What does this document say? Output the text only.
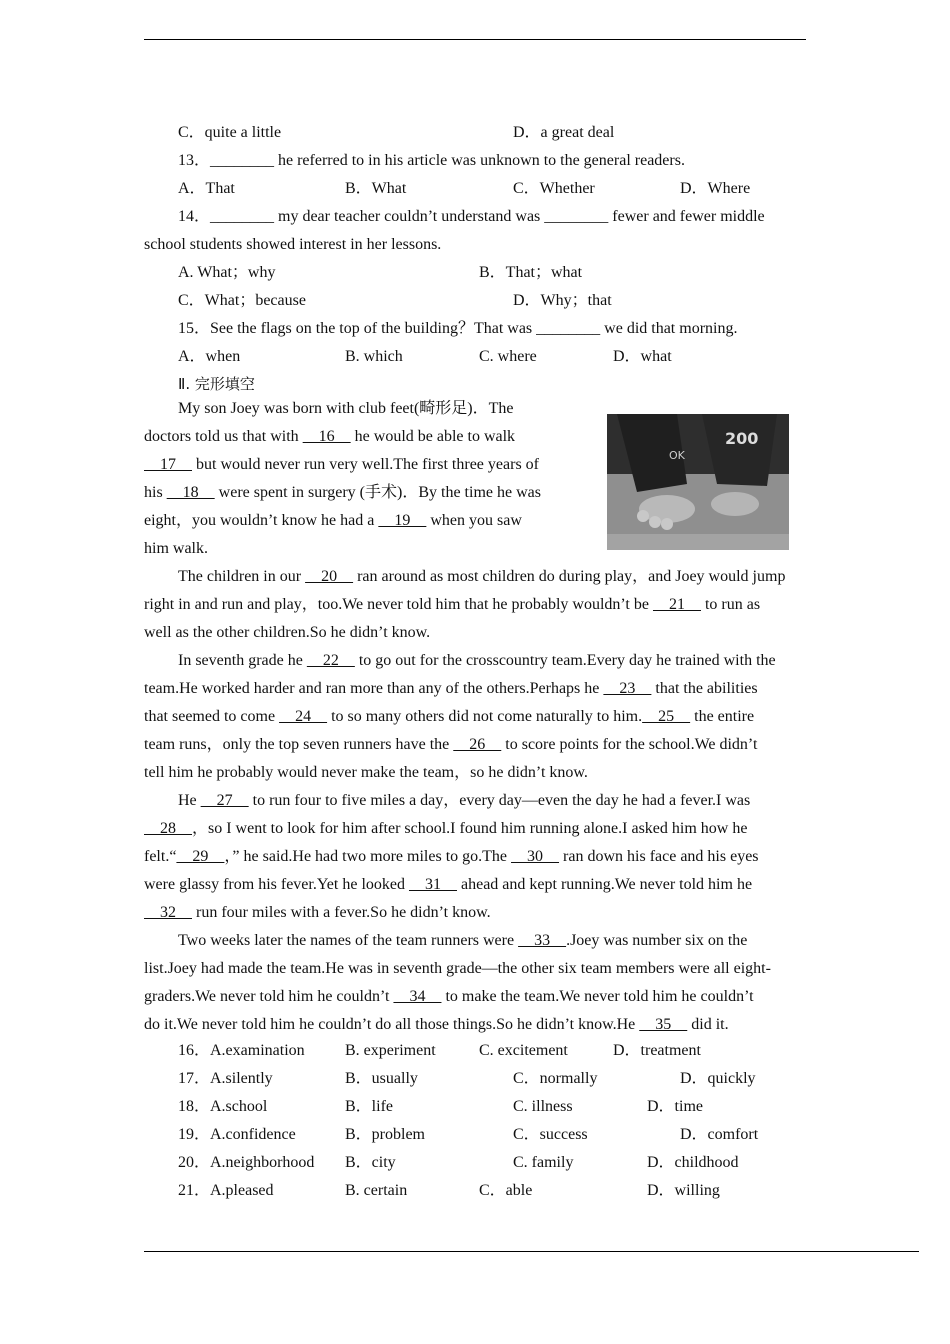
C．quite a little	D．a great deal
13．________ he referred to in his article was unknown to the general readers.
A．That	B．What	C．Whether	D．Where
14．________ my dear teacher couldn’t understand was ________ fewer and fewer middle
school students showed interest in her lessons.
A. What；why	B．That；what
C．What；because	D．Why；that
15．See the flags on the top of the building？That was ________ we did that morning.
A．when	B. which	C. where	D．what
Ⅱ. 完形填空
200
OK
My son Joey was born with club feet(畸形足)．The
doctors told us that with   16   he would be able to walk
  17   but would never run very well.The first three years of
his   18   were spent in surgery (手术)．By the time he was
eight，you wouldn’t know he had a   19   when you saw
him walk.
The children in our   20   ran around as most children do during play，and Joey would jump
right in and run and play，too.We never told him that he probably wouldn’t be   21   to run as
well as the other children.So he didn’t know.
In seventh grade he   22   to go out for the crosscountry team.Every day he trained with the
team.He worked harder and ran more than any of the others.Perhaps he   23   that the abilities
that seemed to come   24   to so many others did not come naturally to him.  25   the entire
team runs，only the top seven runners have the   26   to score points for the school.We didn’t
tell him he probably would never make the team，so he didn’t know.
He   27   to run four to five miles a day，every day—even the day he had a fever.I was
  28  ，so I went to look for him after school.I found him running alone.I asked him how he
felt.“  29  ，” he said.He had two more miles to go.The   30   ran down his face and his eyes
were glassy from his fever.Yet he looked   31   ahead and kept running.We never told him he
  32   run four miles with a fever.So he didn’t know.
Two weeks later the names of the team runners were   33  .Joey was number six on the
list.Joey had made the team.He was in seventh grade—the other six team members were all eight-
graders.We never told him he couldn’t   34   to make the team.We never told him he couldn’t
do it.We never told him he couldn’t do all those things.So he didn’t know.He   35   did it.
16．A.examination	B. experiment	C. excitement	D．treatment
17．A.silently	B．usually	C．normally	D．quickly
18．A.school	B．life	C. illness	D．time
19．A.confidence	B．problem	C．success	D．comfort
20．A.neighborhood B．city	C. family	D．childhood
21．A.pleased	B. certain	C．able	D．willing
